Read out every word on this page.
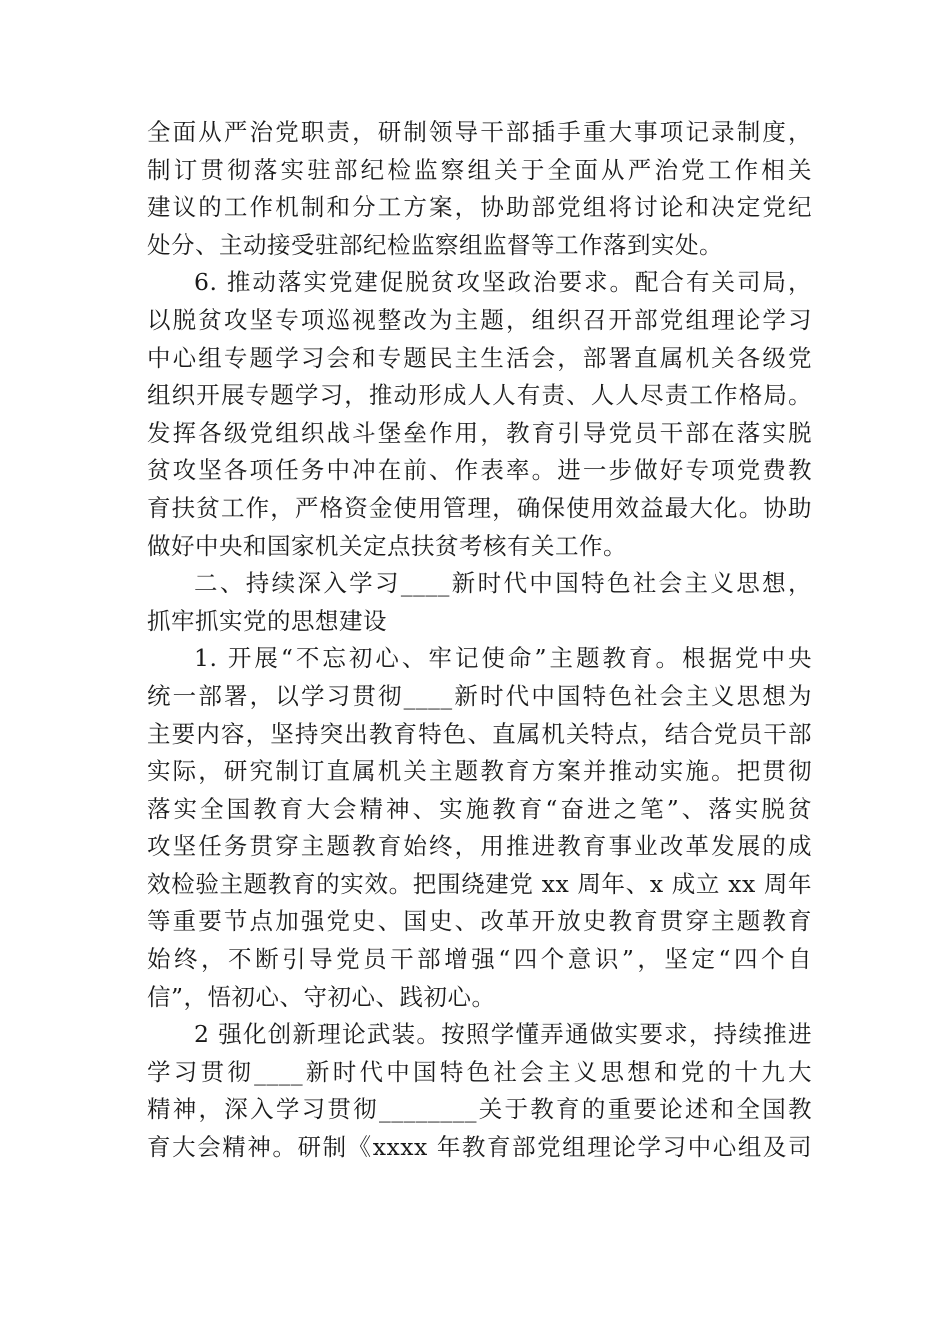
全面从严治党职责，研制领导干部插手重大事项记录制度，
制订贯彻落实驻部纪检监察组关于全面从严治党工作相关
建议的工作机制和分工方案，协助部党组将讨论和决定党纪
处分、主动接受驻部纪检监察组监督等工作落到实处。
6. 推动落实党建促脱贫攻坚政治要求。配合有关司局，
以脱贫攻坚专项巡视整改为主题，组织召开部党组理论学习
中心组专题学习会和专题民主生活会，部署直属机关各级党
组织开展专题学习，推动形成人人有责、人人尽责工作格局。
发挥各级党组织战斗堡垒作用，教育引导党员干部在落实脱
贫攻坚各项任务中冲在前、作表率。进一步做好专项党费教
育扶贫工作，严格资金使用管理，确保使用效益最大化。协助
做好中央和国家机关定点扶贫考核有关工作。
二、持续深入学习____新时代中国特色社会主义思想，
抓牢抓实党的思想建设
1. 开展“不忘初心、牢记使命”主题教育。根据党中央
统一部署，以学习贯彻____新时代中国特色社会主义思想为
主要内容，坚持突出教育特色、直属机关特点，结合党员干部
实际，研究制订直属机关主题教育方案并推动实施。把贯彻
落实全国教育大会精神、实施教育“奋进之笔”、落实脱贫
攻坚任务贯穿主题教育始终，用推进教育事业改革发展的成
效检验主题教育的实效。把围绕建党 xx 周年、x 成立 xx 周年
等重要节点加强党史、国史、改革开放史教育贯穿主题教育
始终，不断引导党员干部增强“四个意识”，坚定“四个自
信”，悟初心、守初心、践初心。
2 强化创新理论武装。按照学懂弄通做实要求，持续推进
学习贯彻____新时代中国特色社会主义思想和党的十九大
精神，深入学习贯彻________关于教育的重要论述和全国教
育大会精神。研制《xxxx 年教育部党组理论学习中心组及司
